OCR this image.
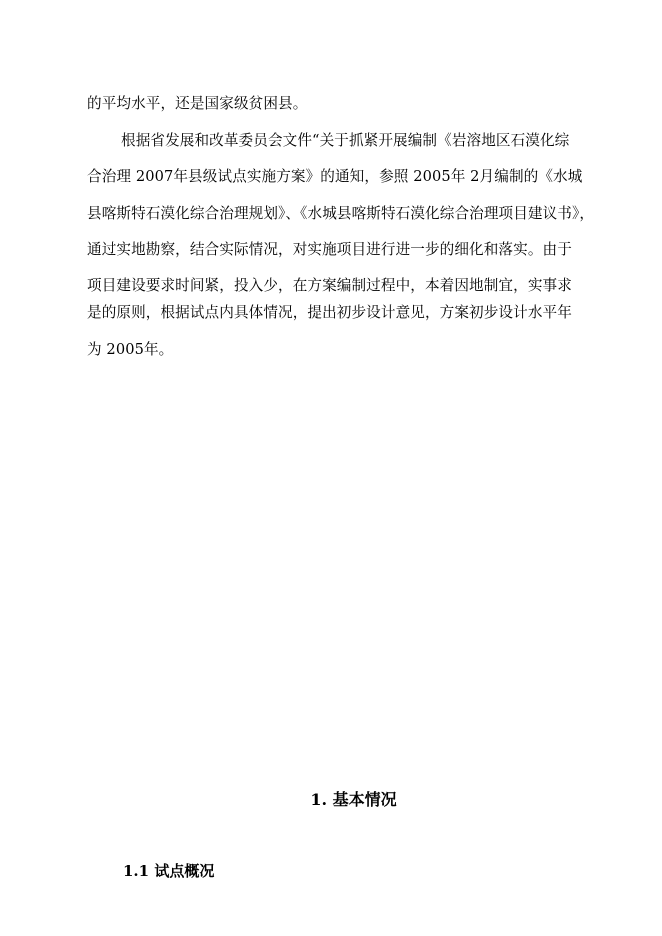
的平均水平，还是国家级贫困县。
根据省发展和改革委员会文件“关于抓紧开展编制《岩溶地区石漠化综
合治理 2007年县级试点实施方案》的通知，参照 2005年 2月编制的《水城
县喀斯特石漠化综合治理规划》、《水城县喀斯特石漠化综合治理项目建议书》，
通过实地勘察，结合实际情况，对实施项目进行进一步的细化和落实。由于
项目建设要求时间紧，投入少，在方案编制过程中，本着因地制宜，实事求
是的原则，根据试点内具体情况，提出初步设计意见，方案初步设计水平年
为 2005年。
1. 基本情况
1.1 试点概况
